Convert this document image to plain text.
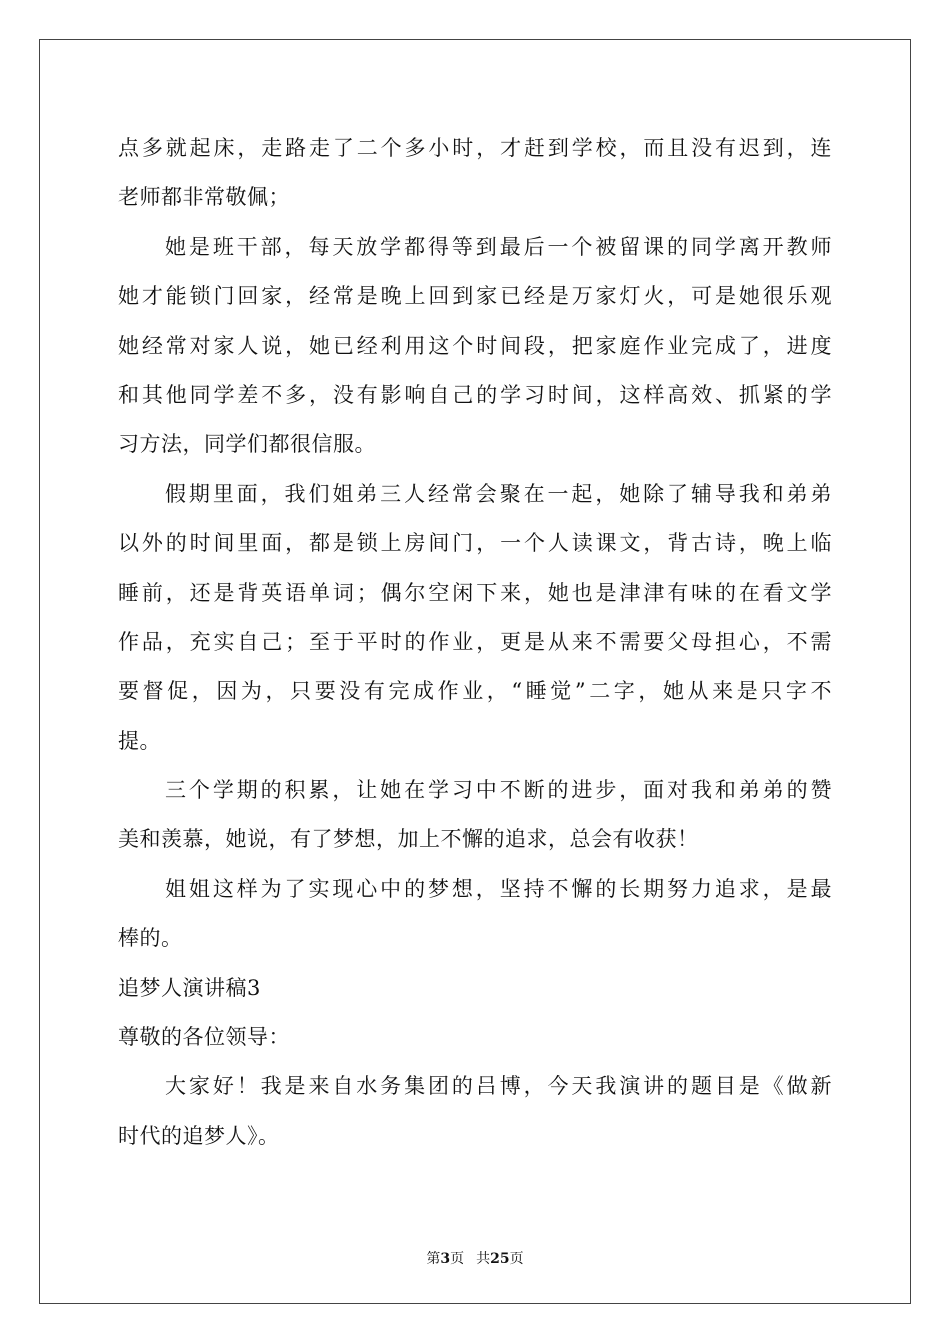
点多就起床，走路走了二个多小时，才赶到学校，而且没有迟到，连
老师都非常敬佩；
她是班干部，每天放学都得等到最后一个被留课的同学离开教师
她才能锁门回家，经常是晚上回到家已经是万家灯火，可是她很乐观
她经常对家人说，她已经利用这个时间段，把家庭作业完成了，进度
和其他同学差不多，没有影响自己的学习时间，这样高效、抓紧的学
习方法，同学们都很信服。
假期里面，我们姐弟三人经常会聚在一起，她除了辅导我和弟弟
以外的时间里面，都是锁上房间门，一个人读课文，背古诗，晚上临
睡前，还是背英语单词；偶尔空闲下来，她也是津津有味的在看文学
作品，充实自己；至于平时的作业，更是从来不需要父母担心，不需
要督促，因为，只要没有完成作业，“睡觉”二字，她从来是只字不
提。
三个学期的积累，让她在学习中不断的进步，面对我和弟弟的赞
美和羡慕，她说，有了梦想，加上不懈的追求，总会有收获！
姐姐这样为了实现心中的梦想，坚持不懈的长期努力追求，是最
棒的。
追梦人演讲稿3
尊敬的各位领导：
大家好！我是来自水务集团的吕博，今天我演讲的题目是《做新
时代的追梦人》。
第3页 共25页
